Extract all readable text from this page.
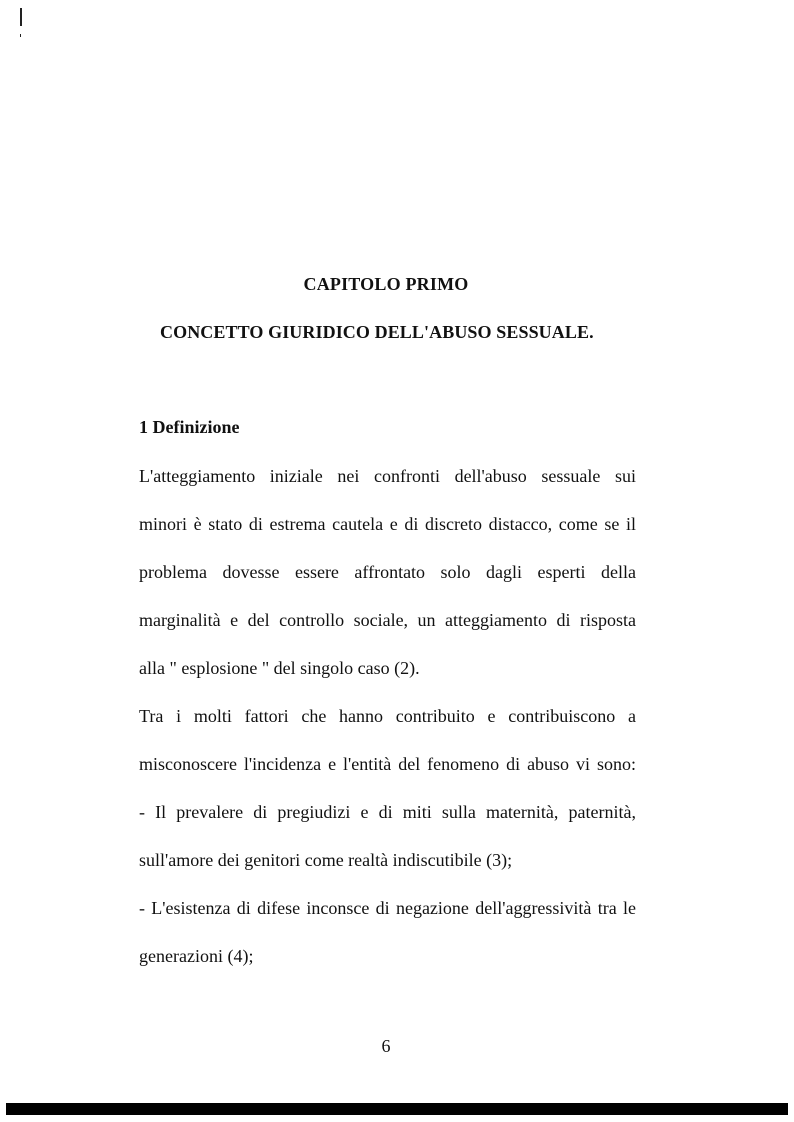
CAPITOLO PRIMO
CONCETTO GIURIDICO DELL'ABUSO SESSUALE.
1 Definizione
L'atteggiamento iniziale nei confronti dell'abuso sessuale sui
minori è stato di estrema cautela e di discreto distacco, come se il
problema dovesse essere affrontato solo dagli esperti della
marginalità e del controllo sociale, un atteggiamento di risposta
alla " esplosione " del singolo caso (2).
Tra i molti fattori che hanno contribuito e contribuiscono a
misconoscere l'incidenza e l'entità del fenomeno di abuso vi sono:
- Il prevalere di pregiudizi e di miti sulla maternità, paternità,
sull'amore dei genitori come realtà indiscutibile (3);
- L'esistenza di difese inconsce di negazione dell'aggressività tra le
generazioni (4);
6
